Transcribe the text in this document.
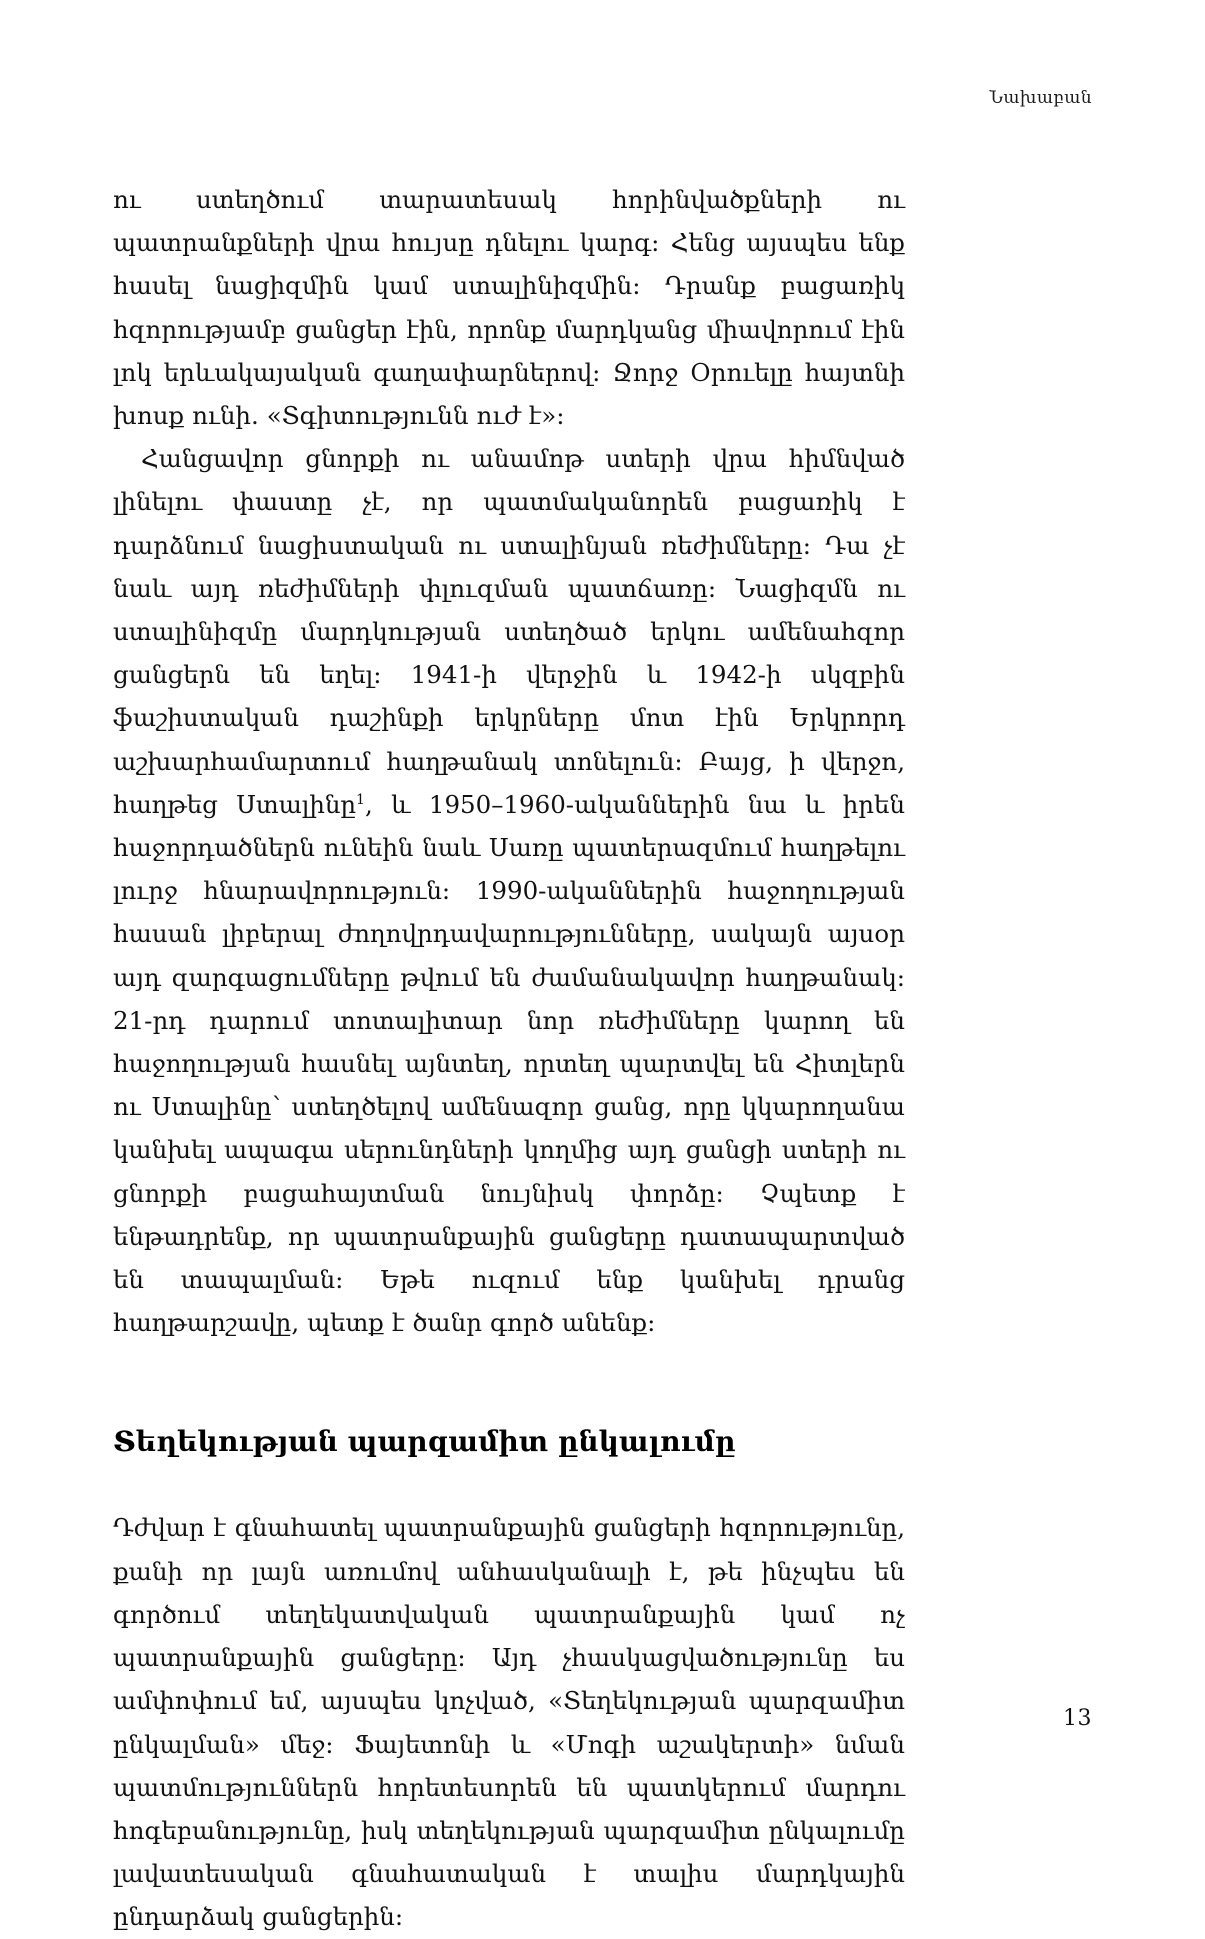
Նախաբան

ու ստեղծում տարատեսակ հորինվածքների ու պատրանքների վրա հույսը դնելու կարգ: Հենց այսպես ենք հասել նացիզմին կամ ստալինիզմին: Դրանք բացառիկ հզորությամբ ցանցեր էին, որոնք մարդկանց միավորում էին լոկ երևակայական գաղափարներով: Ջորջ Օրուելը հայտնի խոսք ունի. «Տգիտությունն ուժ է»:

Հանցավոր ցնորքի ու անամոթ ստերի վրա հիմնված լինելու փաստը չէ, որ պատմականորեն բացառիկ է դարձնում նացիստական ու ստալինյան ռեժիմները: Դա չէ նաև այդ ռեժիմների փլուզման պատճառը: Նացիզմն ու ստալինիզմը մարդկության ստեղծած երկու ամենահզոր ցանցերն են եղել: 1941-ի վերջին և 1942-ի սկզբին ֆաշիստական դաշինքի երկրները մոտ էին Երկրորդ աշխարհամարտում հաղթանակ տոնելուն: Բայց, ի վերջո, հաղթեց Ստալինը$^1$, և 1950–1960-ականներին նա և իրեն հաջորդածներն ունեին նաև Սառը պատերազմում հաղթելու լուրջ հնարավորություն: 1990-ականներին հաջողության հասան լիբերալ ժողովրդավարությունները, սակայն այսօր այդ զարգացումները թվում են ժամանակավոր հաղթանակ: 21-րդ դարում տոտալիտար նոր ռեժիմները կարող են հաջողության հասնել այնտեղ, որտեղ պարտվել են Հիտլերն ու Ստալինը՝ ստեղծելով ամենազոր ցանց, որը կկարողանա կանխել ապագա սերունդների կողմից այդ ցանցի ստերի ու ցնորքի բացահայտման նույնիսկ փորձը: Չպետք է ենթադրենք, որ պատրանքային ցանցերը դատապարտված են տապալման: Եթե ուզում ենք կանխել դրանց հաղթարշավը, պետք է ծանր գործ անենք:

Տեղեկության պարզամիտ ընկալումը

Դժվար է գնահատել պատրանքային ցանցերի հզորությունը, քանի որ լայն առումով անհասկանալի է, թե ինչպես են գործում տեղեկատվական պատրանքային կամ ոչ պատրանքային ցանցերը: Այդ չհասկացվածությունը ես ամփոփում եմ, այսպես կոչված, «Տեղեկության պարզամիտ ընկալման» մեջ: Ֆայետոնի և «Մոգի աշակերտի» նման պատմություններն հորետեսորեն են պատկերում մարդու հոգեբանությունը, իսկ տեղեկության պարզամիտ ընկալումը լավատեսական գնահատական է տալիս մարդկային ընդարձակ ցանցերին:

13
